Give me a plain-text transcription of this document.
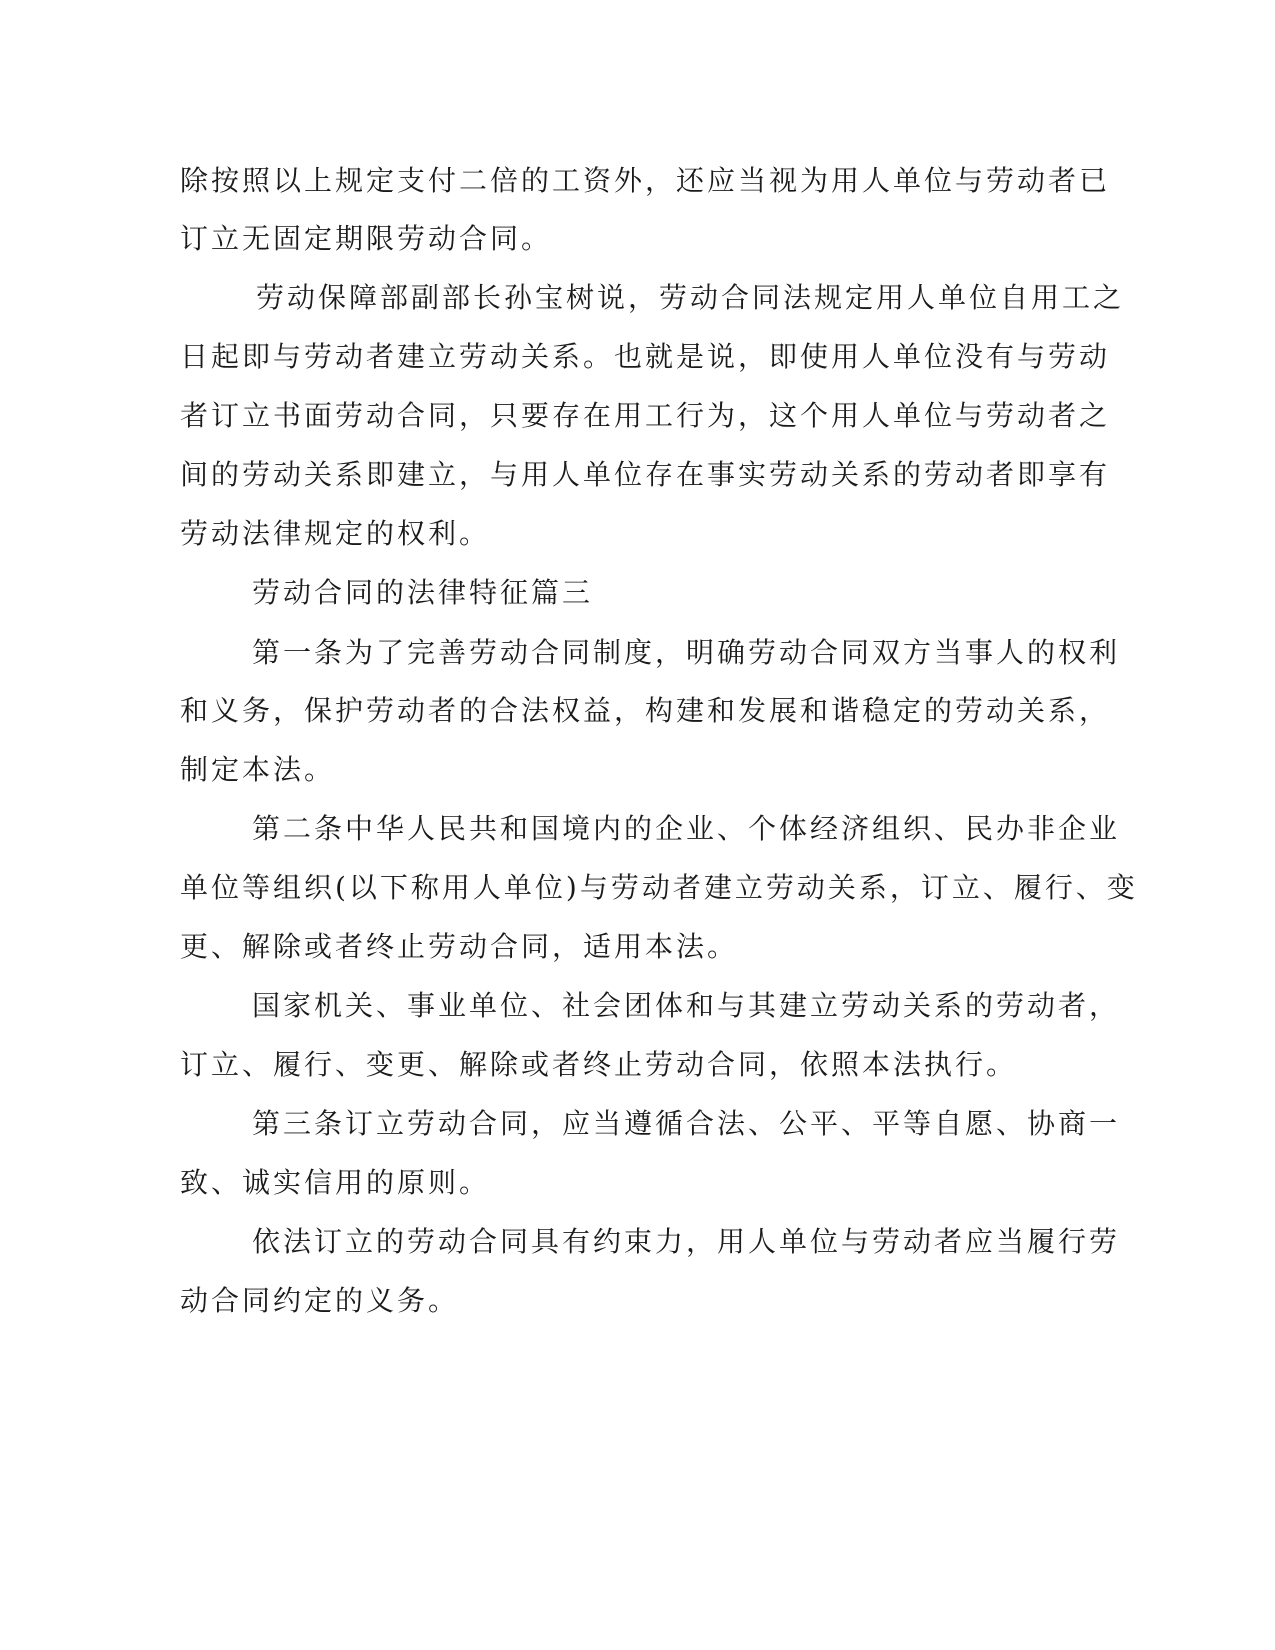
除按照以上规定支付二倍的工资外，还应当视为用人单位与劳动者已

订立无固定期限劳动合同。

劳动保障部副部长孙宝树说，劳动合同法规定用人单位自用工之

日起即与劳动者建立劳动关系。也就是说，即使用人单位没有与劳动

者订立书面劳动合同，只要存在用工行为，这个用人单位与劳动者之

间的劳动关系即建立，与用人单位存在事实劳动关系的劳动者即享有

劳动法律规定的权利。

劳动合同的法律特征篇三

第一条为了完善劳动合同制度，明确劳动合同双方当事人的权利

和义务，保护劳动者的合法权益，构建和发展和谐稳定的劳动关系，

制定本法。

第二条中华人民共和国境内的企业、个体经济组织、民办非企业

单位等组织(以下称用人单位)与劳动者建立劳动关系，订立、履行、变

更、解除或者终止劳动合同，适用本法。

国家机关、事业单位、社会团体和与其建立劳动关系的劳动者，

订立、履行、变更、解除或者终止劳动合同，依照本法执行。

第三条订立劳动合同，应当遵循合法、公平、平等自愿、协商一

致、诚实信用的原则。

依法订立的劳动合同具有约束力，用人单位与劳动者应当履行劳

动合同约定的义务。
